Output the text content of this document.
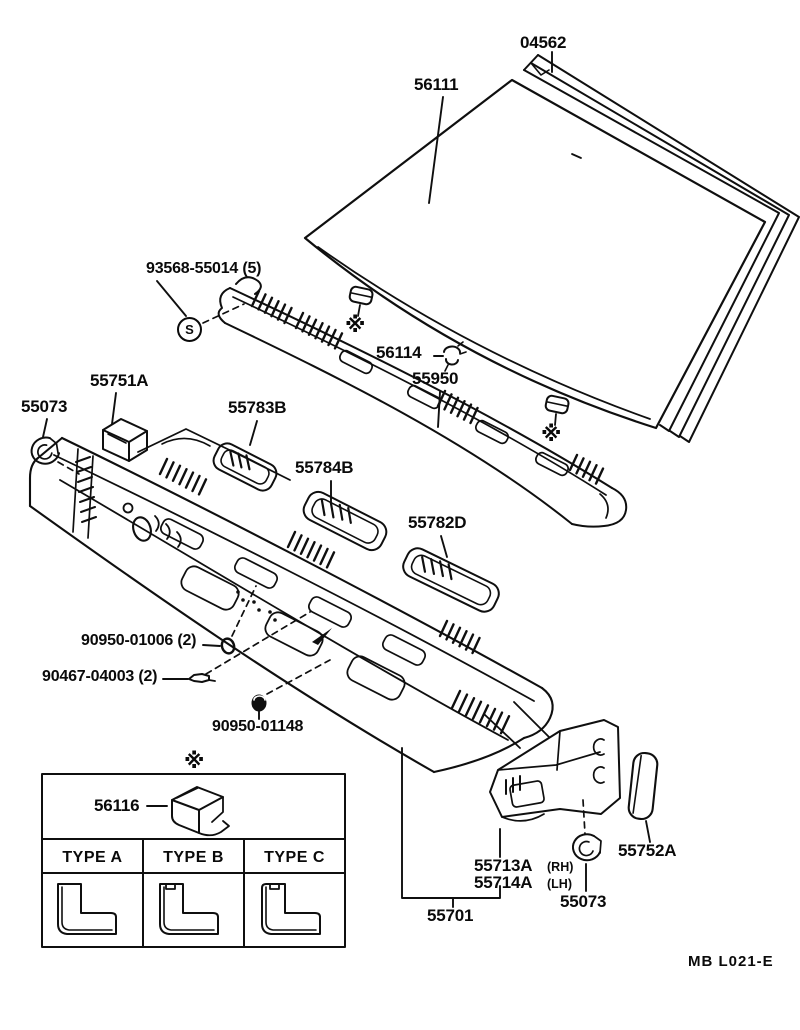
04562
56111
93568-55014 (5)
56114
55950
55751A
55073	55783B
55784B
55782D
90950-01006 (2)
90467-04003 (2)
90950-01148
56116
55713A (RH)
55714A (LH)
55073
55752A
55701
TYPE A	TYPE B	TYPE C
※
※
※
S
MB L021-E
